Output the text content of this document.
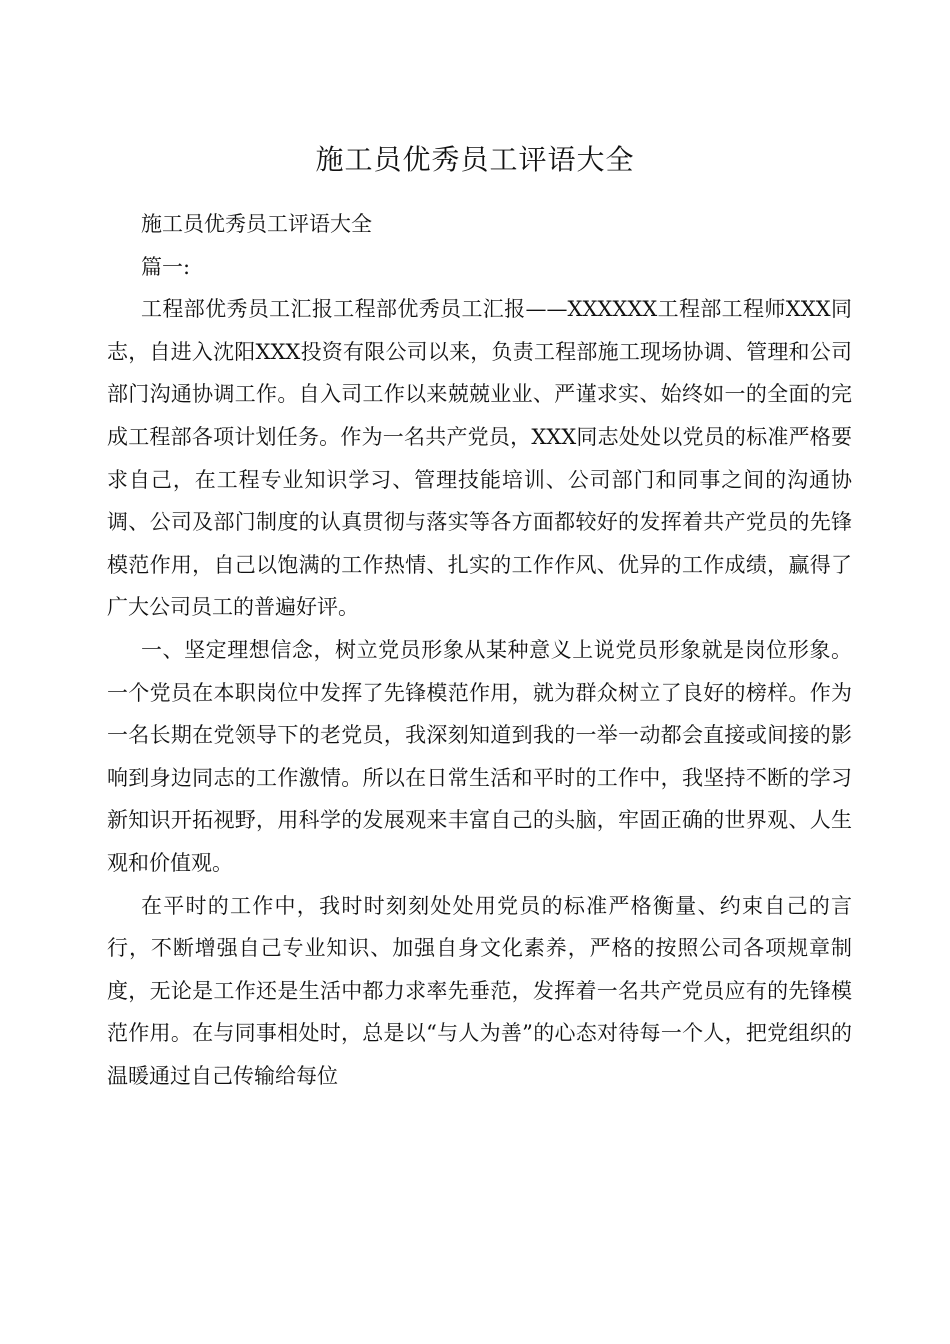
施工员优秀员工评语大全

施工员优秀员工评语大全

篇一:

工程部优秀员工汇报工程部优秀员工汇报——XXXXXX工程部工程师XXX同志，自进入沈阳XXX投资有限公司以来，负责工程部施工现场协调、管理和公司部门沟通协调工作。自入司工作以来兢兢业业、严谨求实、始终如一的全面的完成工程部各项计划任务。作为一名共产党员，XXX同志处处以党员的标准严格要求自己，在工程专业知识学习、管理技能培训、公司部门和同事之间的沟通协调、公司及部门制度的认真贯彻与落实等各方面都较好的发挥着共产党员的先锋模范作用，自己以饱满的工作热情、扎实的工作作风、优异的工作成绩，赢得了广大公司员工的普遍好评。

一、坚定理想信念，树立党员形象从某种意义上说党员形象就是岗位形象。一个党员在本职岗位中发挥了先锋模范作用，就为群众树立了良好的榜样。作为一名长期在党领导下的老党员，我深刻知道到我的一举一动都会直接或间接的影响到身边同志的工作激情。所以在日常生活和平时的工作中，我坚持不断的学习新知识开拓视野，用科学的发展观来丰富自己的头脑，牢固正确的世界观、人生观和价值观。

在平时的工作中，我时时刻刻处处用党员的标准严格衡量、约束自己的言行，不断增强自己专业知识、加强自身文化素养，严格的按照公司各项规章制度，无论是工作还是生活中都力求率先垂范，发挥着一名共产党员应有的先锋模范作用。在与同事相处时，总是以“与人为善”的心态对待每一个人，把党组织的温暖通过自己传输给每位
